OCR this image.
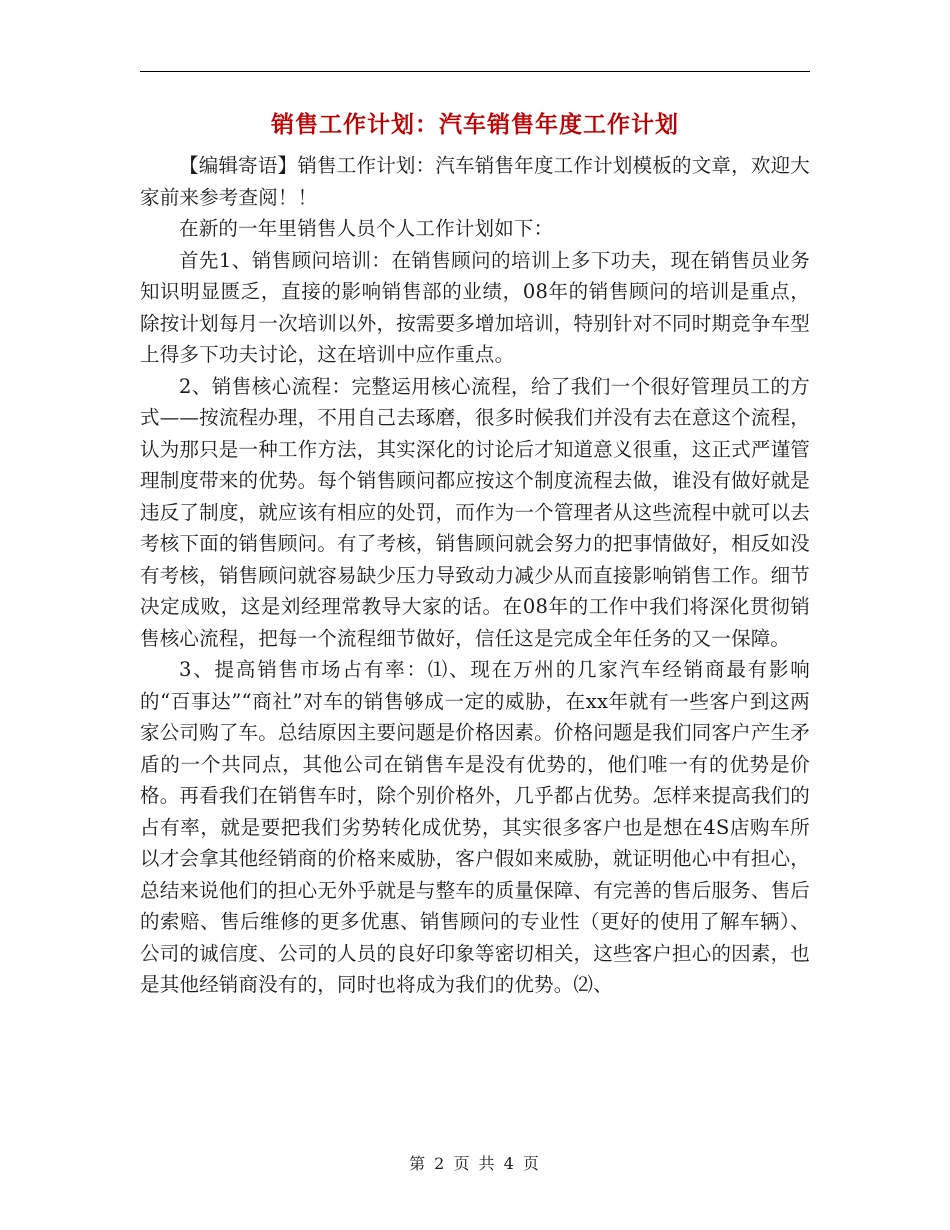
销售工作计划：汽车销售年度工作计划

【编辑寄语】销售工作计划：汽车销售年度工作计划模板的文章，欢迎大家前来参考查阅！！

在新的一年里销售人员个人工作计划如下：

首先1、销售顾问培训：在销售顾问的培训上多下功夫，现在销售员业务知识明显匮乏，直接的影响销售部的业绩，08年的销售顾问的培训是重点，除按计划每月一次培训以外，按需要多增加培训，特别针对不同时期竞争车型上得多下功夫讨论，这在培训中应作重点。

2、销售核心流程：完整运用核心流程，给了我们一个很好管理员工的方式——按流程办理，不用自己去琢磨，很多时候我们并没有去在意这个流程，认为那只是一种工作方法，其实深化的讨论后才知道意义很重，这正式严谨管理制度带来的优势。每个销售顾问都应按这个制度流程去做，谁没有做好就是违反了制度，就应该有相应的处罚，而作为一个管理者从这些流程中就可以去考核下面的销售顾问。有了考核，销售顾问就会努力的把事情做好，相反如没有考核，销售顾问就容易缺少压力导致动力减少从而直接影响销售工作。细节决定成败，这是刘经理常教导大家的话。在08年的工作中我们将深化贯彻销售核心流程，把每一个流程细节做好，信任这是完成全年任务的又一保障。

3、提高销售市场占有率：⑴、现在万州的几家汽车经销商最有影响的“百事达”“商社”对车的销售够成一定的威胁，在xx年就有一些客户到这两家公司购了车。总结原因主要问题是价格因素。价格问题是我们同客户产生矛盾的一个共同点，其他公司在销售车是没有优势的，他们唯一有的优势是价格。再看我们在销售车时，除个别价格外，几乎都占优势。怎样来提高我们的占有率，就是要把我们劣势转化成优势，其实很多客户也是想在4S店购车所以才会拿其他经销商的价格来威胁，客户假如来威胁，就证明他心中有担心，总结来说他们的担心无外乎就是与整车的质量保障、有完善的售后服务、售后的索赔、售后维修的更多优惠、销售顾问的专业性（更好的使用了解车辆）、公司的诚信度、公司的人员的良好印象等密切相关，这些客户担心的因素，也是其他经销商没有的，同时也将成为我们的优势。⑵、

第 2 页 共 4 页
